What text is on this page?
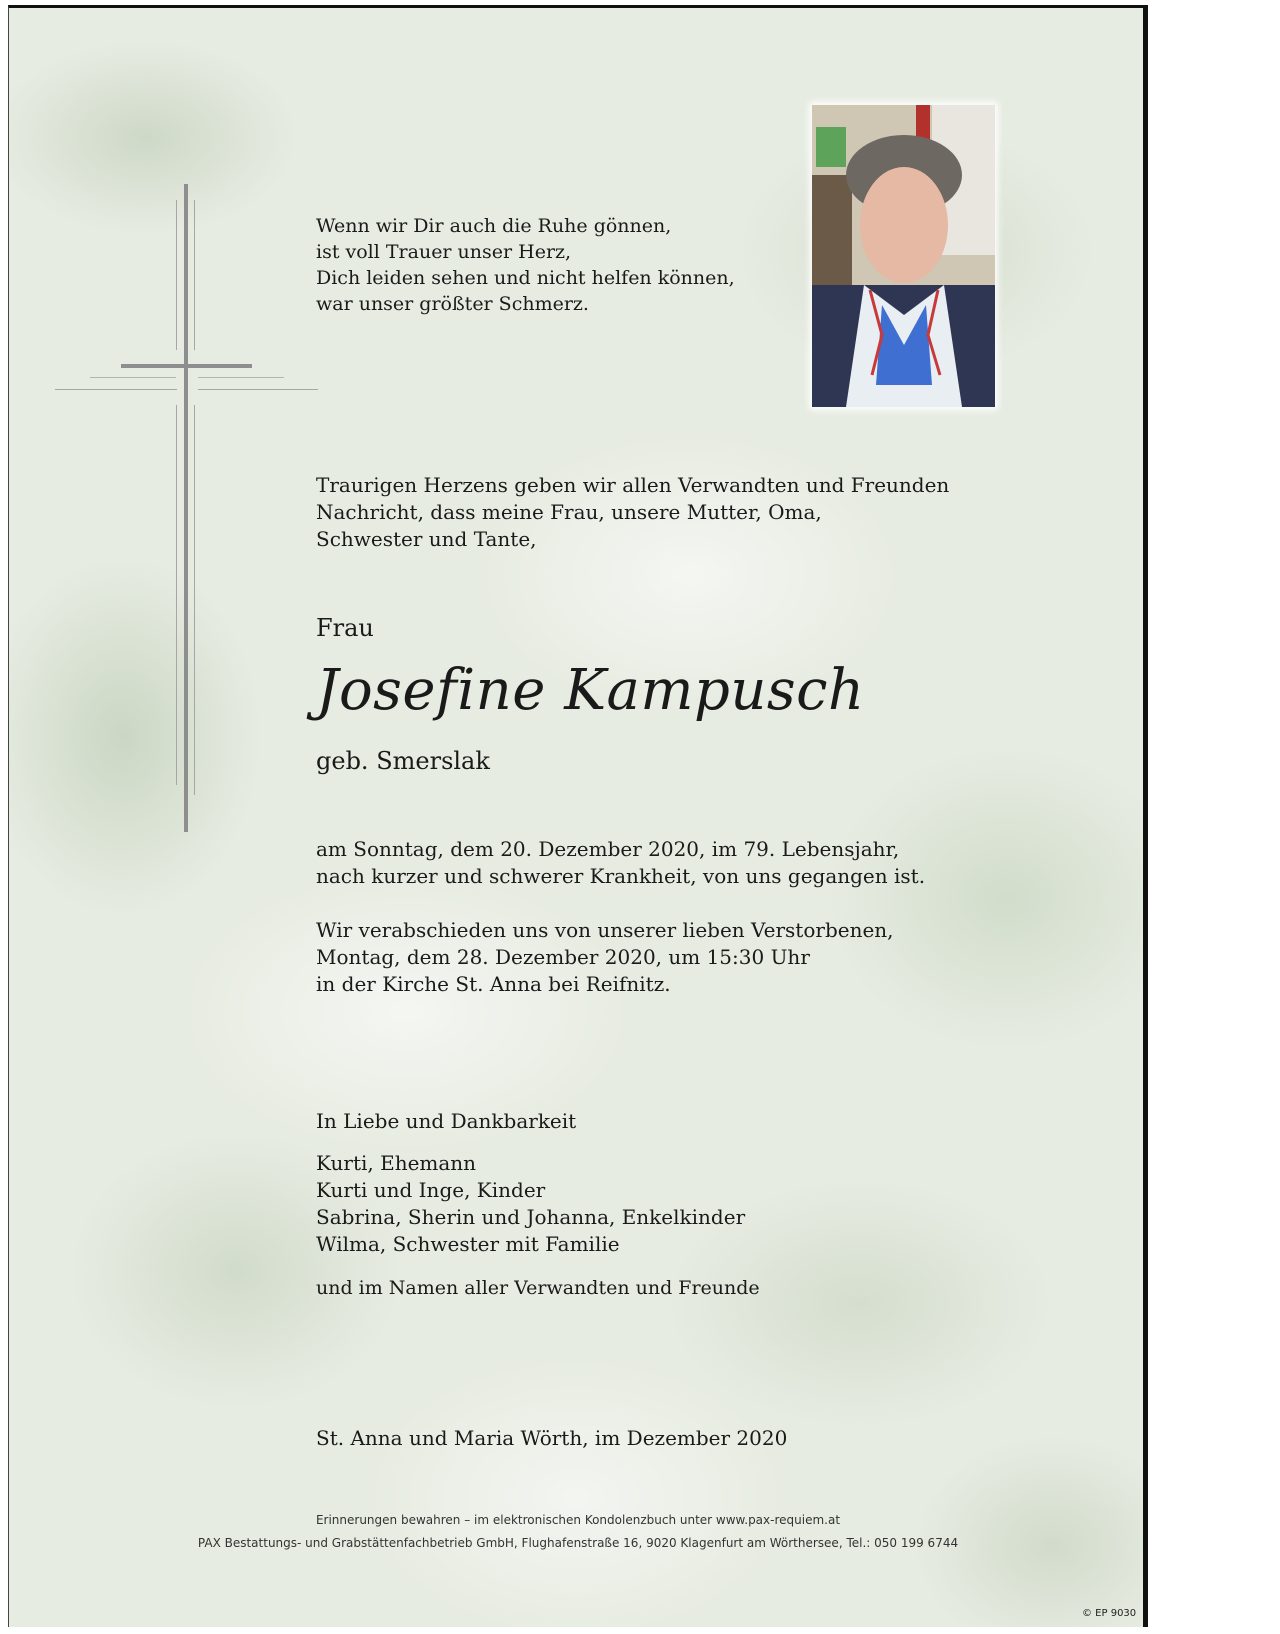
Wenn wir Dir auch die Ruhe gönnen,
ist voll Trauer unser Herz,
Dich leiden sehen und nicht helfen können,
war unser größter Schmerz.
Traurigen Herzens geben wir allen Verwandten und Freunden
Nachricht, dass meine Frau, unsere Mutter, Oma,
Schwester und Tante,
Frau
Josefine Kampusch
geb. Smerslak
am Sonntag, dem 20. Dezember 2020, im 79. Lebensjahr,
nach kurzer und schwerer Krankheit, von uns gegangen ist.
Wir verabschieden uns von unserer lieben Verstorbenen,
Montag, dem 28. Dezember 2020, um 15:30 Uhr
in der Kirche St. Anna bei Reifnitz.
In Liebe und Dankbarkeit
Kurti, Ehemann
Kurti und Inge, Kinder
Sabrina, Sherin und Johanna, Enkelkinder
Wilma, Schwester mit Familie
und im Namen aller Verwandten und Freunde
St. Anna und Maria Wörth, im Dezember 2020
Erinnerungen bewahren – im elektronischen Kondolenzbuch unter www.pax-requiem.at
PAX Bestattungs- und Grabstättenfachbetrieb GmbH, Flughafenstraße 16, 9020 Klagenfurt am Wörthersee, Tel.: 050 199 6744
© EP 9030
